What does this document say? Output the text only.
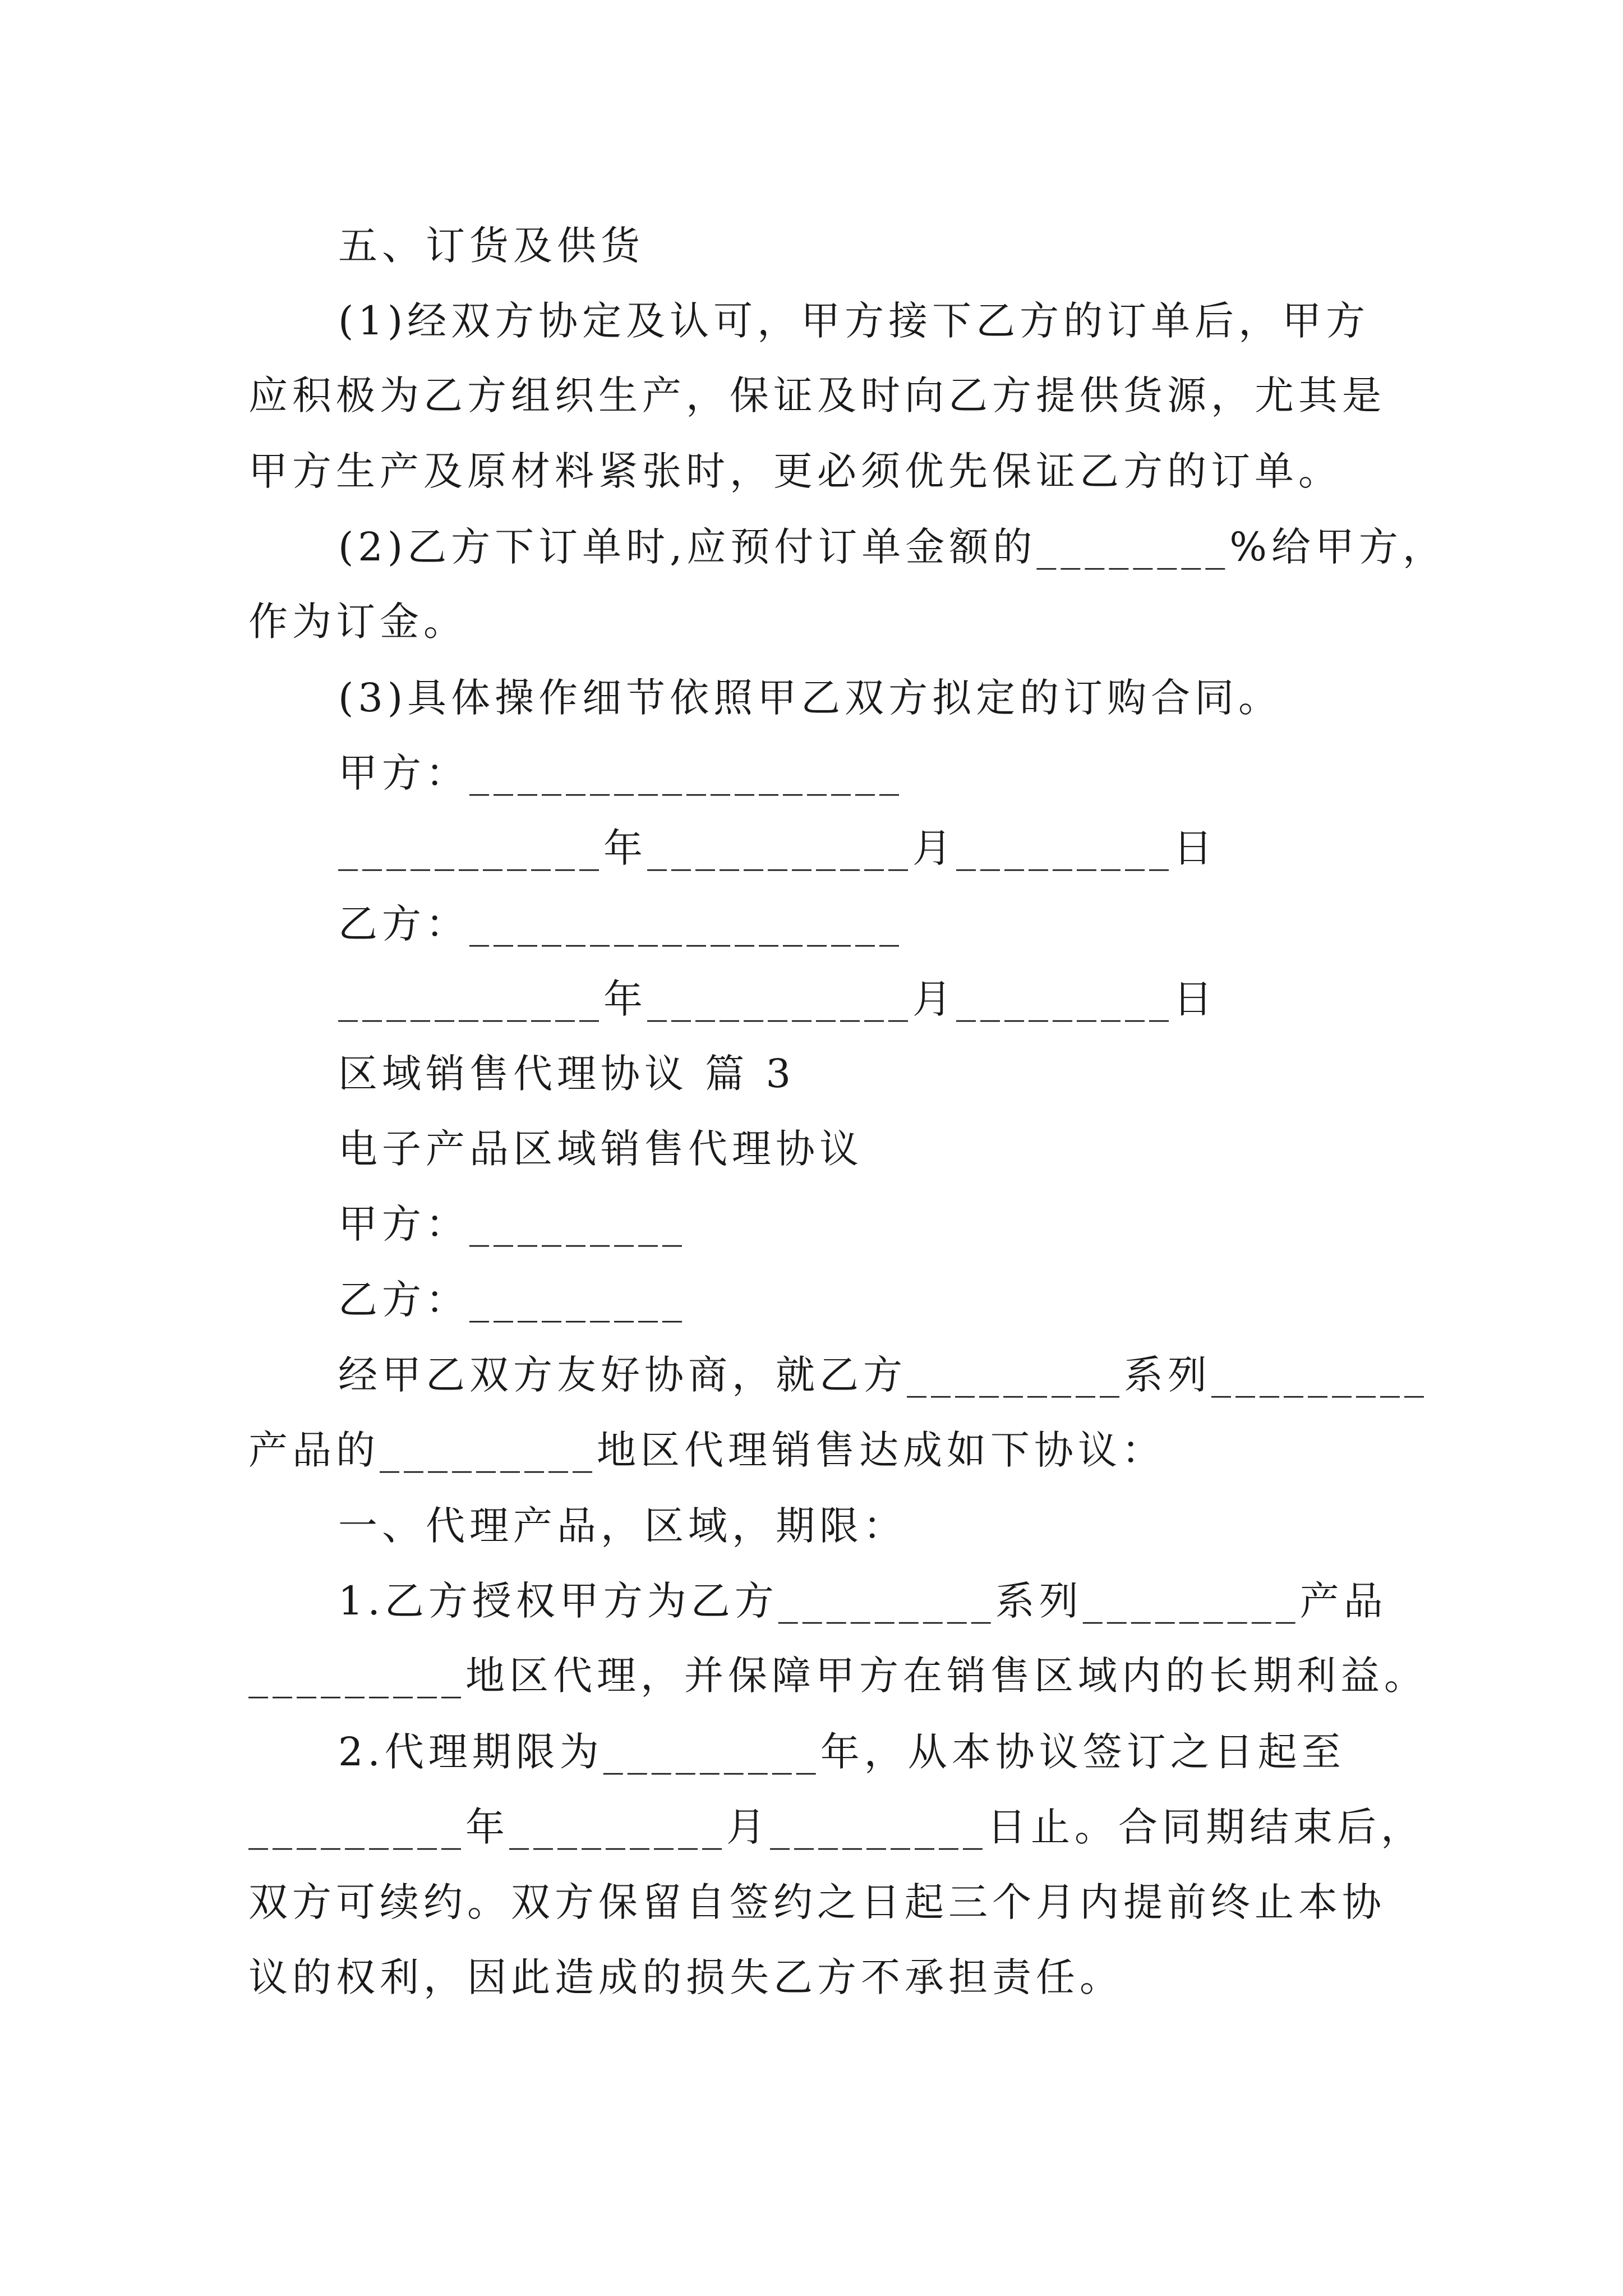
五、订货及供货
(1)经双方协定及认可，甲方接下乙方的订单后，甲方
应积极为乙方组织生产，保证及时向乙方提供货源，尤其是
甲方生产及原材料紧张时，更必须优先保证乙方的订单。
(2)乙方下订单时,应预付订单金额的________%给甲方，
作为订金。
(3)具体操作细节依照甲乙双方拟定的订购合同。
甲方：__________________
___________年___________月_________日
乙方：__________________
___________年___________月_________日
区域销售代理协议 篇 3
电子产品区域销售代理协议
甲方：_________
乙方：_________
经甲乙双方友好协商，就乙方_________系列_________
产品的_________地区代理销售达成如下协议：
一、代理产品，区域，期限：
1.乙方授权甲方为乙方_________系列_________产品
_________地区代理，并保障甲方在销售区域内的长期利益。
2.代理期限为_________年，从本协议签订之日起至
_________年_________月_________日止。合同期结束后，
双方可续约。双方保留自签约之日起三个月内提前终止本协
议的权利，因此造成的损失乙方不承担责任。
